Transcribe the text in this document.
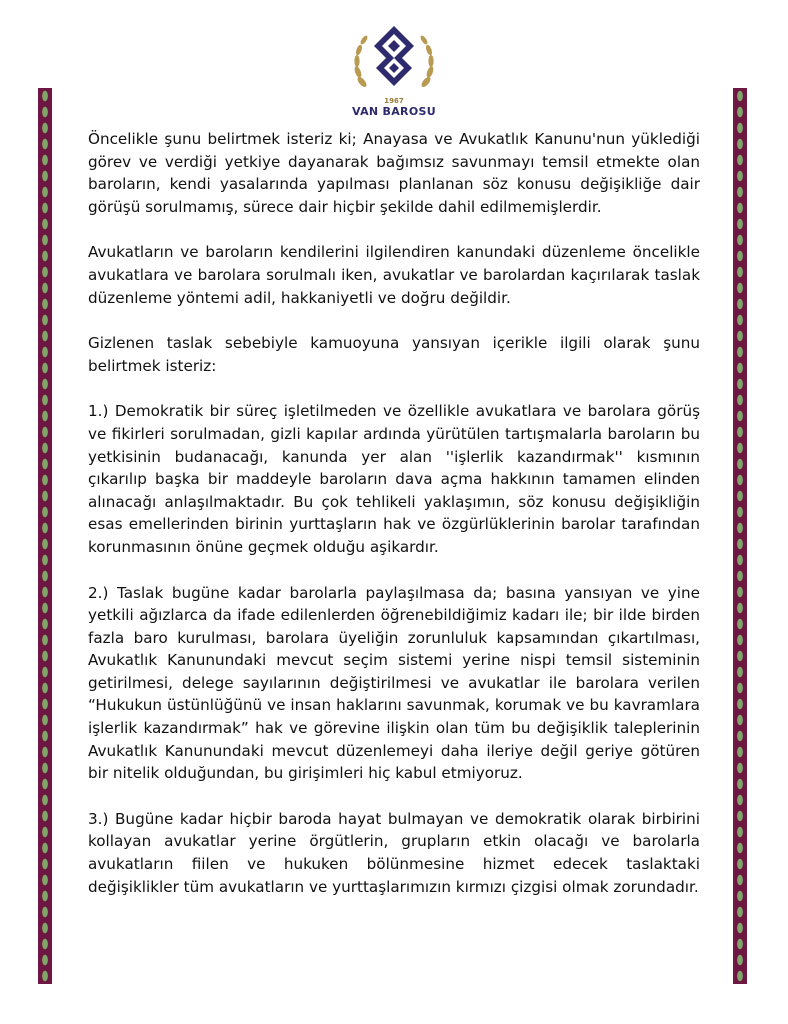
1967
VAN BAROSU

Öncelikle şunu belirtmek isteriz ki; Anayasa ve Avukatlık Kanunu'nun yüklediği görev ve verdiği yetkiye dayanarak bağımsız savunmayı temsil etmekte olan baroların, kendi yasalarında yapılması planlanan söz konusu değişikliğe dair görüşü sorulmamış, sürece dair hiçbir şekilde dahil edilmemişlerdir.

Avukatların ve baroların kendilerini ilgilendiren kanundaki düzenleme öncelikle avukatlara ve barolara sorulmalı iken, avukatlar ve barolardan kaçırılarak taslak düzenleme yöntemi adil, hakkaniyetli ve doğru değildir.

Gizlenen taslak sebebiyle kamuoyuna yansıyan içerikle ilgili olarak şunu belirtmek isteriz:

1.) Demokratik bir süreç işletilmeden ve özellikle avukatlara ve barolara görüş ve fikirleri sorulmadan, gizli kapılar ardında yürütülen tartışmalarla baroların bu yetkisinin budanacağı, kanunda yer alan ''işlerlik kazandırmak'' kısmının çıkarılıp başka bir maddeyle baroların dava açma hakkının tamamen elinden alınacağı anlaşılmaktadır. Bu çok tehlikeli yaklaşımın, söz konusu değişikliğin esas emellerinden birinin yurttaşların hak ve özgürlüklerinin barolar tarafından korunmasının önüne geçmek olduğu aşikardır.

2.) Taslak bugüne kadar barolarla paylaşılmasa da; basına yansıyan ve yine yetkili ağızlarca da ifade edilenlerden öğrenebildiğimiz kadarı ile; bir ilde birden fazla baro kurulması, barolara üyeliğin zorunluluk kapsamından çıkartılması, Avukatlık Kanunundaki mevcut seçim sistemi yerine nispi temsil sisteminin getirilmesi, delege sayılarının değiştirilmesi ve avukatlar ile barolara verilen “Hukukun üstünlüğünü ve insan haklarını savunmak, korumak ve bu kavramlara işlerlik kazandırmak” hak ve görevine ilişkin olan tüm bu değişiklik taleplerinin Avukatlık Kanunundaki mevcut düzenlemeyi daha ileriye değil geriye götüren bir nitelik olduğundan, bu girişimleri hiç kabul etmiyoruz.

3.) Bugüne kadar hiçbir baroda hayat bulmayan ve demokratik olarak birbirini kollayan avukatlar yerine örgütlerin, grupların etkin olacağı ve barolarla avukatların fiilen ve hukuken bölünmesine hizmet edecek taslaktaki değişiklikler tüm avukatların ve yurttaşlarımızın kırmızı çizgisi olmak zorundadır.
